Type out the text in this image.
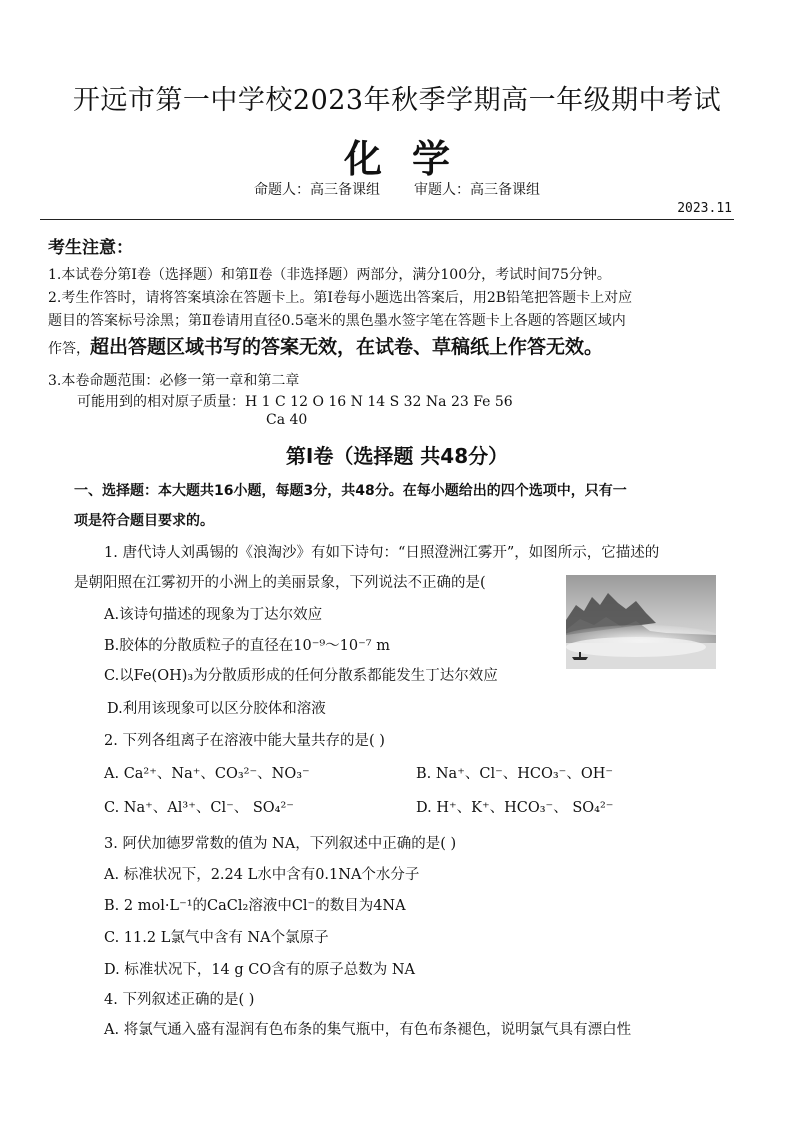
开远市第一中学校2023年秋季学期高一年级期中考试
化学
命题人：高三备课组 审题人：高三备课组
2023.11
考生注意：
1.本试卷分第Ⅰ卷（选择题）和第Ⅱ卷（非选择题）两部分，满分100分，考试时间75分钟。
2.考生作答时，请将答案填涂在答题卡上。第Ⅰ卷每小题选出答案后，用2B铅笔把答题卡上对应
题目的答案标号涂黑；第Ⅱ卷请用直径0.5毫米的黑色墨水签字笔在答题卡上各题的答题区域内
作答，超出答题区域书写的答案无效，在试卷、草稿纸上作答无效。
3.本卷命题范围：必修一第一章和第二章
可能用到的相对原子质量：H 1 C 12 O 16 N 14 S 32 Na 23 Fe 56
Ca 40
第Ⅰ卷（选择题 共48分）
一、选择题：本大题共16小题，每题3分，共48分。在每小题给出的四个选项中，只有一
项是符合题目要求的。
1. 唐代诗人刘禹锡的《浪淘沙》有如下诗句：“日照澄洲江雾开”，如图所示，它描述的
是朝阳照在江雾初开的小洲上的美丽景象，下列说法不正确的是(
A.该诗句描述的现象为丁达尔效应
B.胶体的分散质粒子的直径在10⁻⁹～10⁻⁷ m
C.以Fe(OH)₃为分散质形成的任何分散系都能发生丁达尔效应
D.利用该现象可以区分胶体和溶液
2. 下列各组离子在溶液中能大量共存的是( )
A. Ca²⁺、Na⁺、CO₃²⁻、NO₃⁻	B. Na⁺、Cl⁻、HCO₃⁻、OH⁻
C. Na⁺、Al³⁺、Cl⁻、 SO₄²⁻	D. H⁺、K⁺、HCO₃⁻、 SO₄²⁻
3. 阿伏加德罗常数的值为 NA，下列叙述中正确的是( )
A. 标准状况下，2.24 L水中含有0.1NA个水分子
B. 2 mol·L⁻¹的CaCl₂溶液中Cl⁻的数目为4NA
C. 11.2 L氯气中含有 NA个氯原子
D. 标准状况下，14 g CO含有的原子总数为 NA
4. 下列叙述正确的是( )
A. 将氯气通入盛有湿润有色布条的集气瓶中，有色布条褪色，说明氯气具有漂白性
